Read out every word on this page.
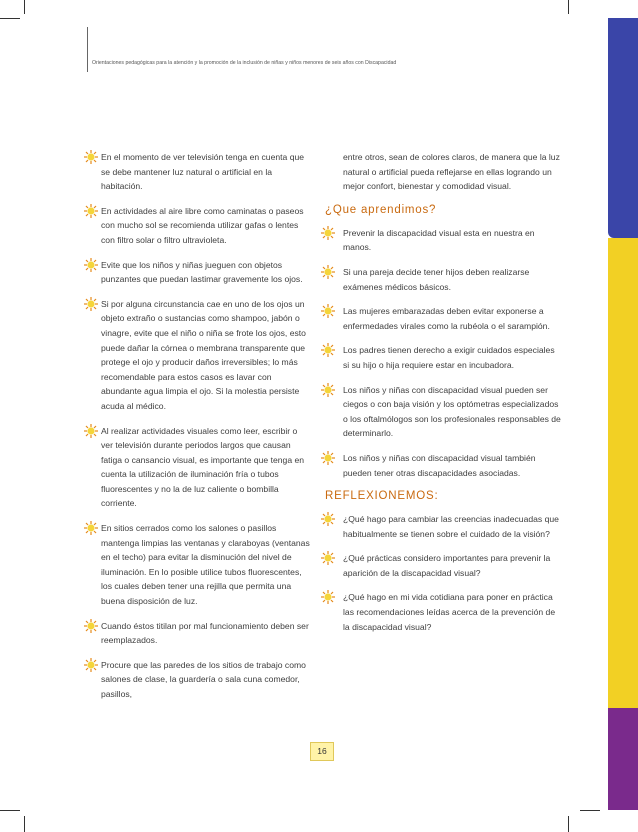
Orientaciones pedagógicas para la atención y la promoción de la inclusión de niñas y niños menores de seis años con Discapacidad
En el momento de ver televisión tenga en cuenta que se debe mantener luz natural o artificial en la habitación.
En actividades al aire libre como caminatas o paseos con mucho sol se recomienda utilizar gafas o lentes con filtro solar o filtro ultravioleta.
Evite que los niños y niñas jueguen con objetos punzantes que puedan lastimar gravemente los ojos.
Si por alguna circunstancia cae en uno de los ojos un objeto extraño o sustancias como shampoo, jabón o vinagre, evite que el niño o niña se frote los ojos, esto puede dañar la córnea o membrana transparente que protege el ojo y producir daños irreversibles; lo más recomendable para estos casos es lavar con abundante agua limpia el ojo. Si la molestia persiste acuda al médico.
Al realizar actividades visuales como leer, escribir o ver televisión durante periodos largos que causan fatiga o cansancio visual, es importante que tenga en cuenta la utilización de iluminación fría o tubos fluorescentes y no la de luz caliente o bombilla corriente.
En sitios cerrados como los salones o pasillos mantenga limpias las ventanas y claraboyas (ventanas en el techo) para evitar la disminución del nivel de iluminación. En lo posible utilice tubos fluorescentes, los cuales deben tener una rejilla que permita una buena disposición de luz.
Cuando éstos titilan por mal funcionamiento deben ser reemplazados.
Procure que las paredes de los sitios de trabajo como salones de clase, la guardería o sala cuna comedor, pasillos,
entre otros, sean de colores claros, de manera que la luz natural o artificial pueda reflejarse en ellas logrando un mejor confort, bienestar y comodidad visual.
¿Que aprendimos?
Prevenir la discapacidad visual esta en nuestra en manos.
Si una pareja decide tener hijos deben realizarse exámenes médicos básicos.
Las mujeres embarazadas deben evitar exponerse a enfermedades virales como la rubéola o el sarampión.
Los padres tienen derecho a exigir cuidados especiales si su hijo o hija requiere estar en incubadora.
Los niños y niñas con discapacidad visual pueden ser ciegos o con baja visión y los optómetras especializados o los oftalmólogos son los profesionales responsables de determinarlo.
Los niños y niñas con discapacidad visual también pueden tener otras discapacidades asociadas.
REFLEXIONEMOS:
¿Qué hago para cambiar las creencias inadecuadas que habitualmente se tienen sobre el cuidado de la visión?
¿Qué prácticas considero importantes para prevenir la aparición de la discapacidad visual?
¿Qué hago en mi vida cotidiana para poner en práctica las recomendaciones leídas acerca de la prevención de la discapacidad visual?
16
